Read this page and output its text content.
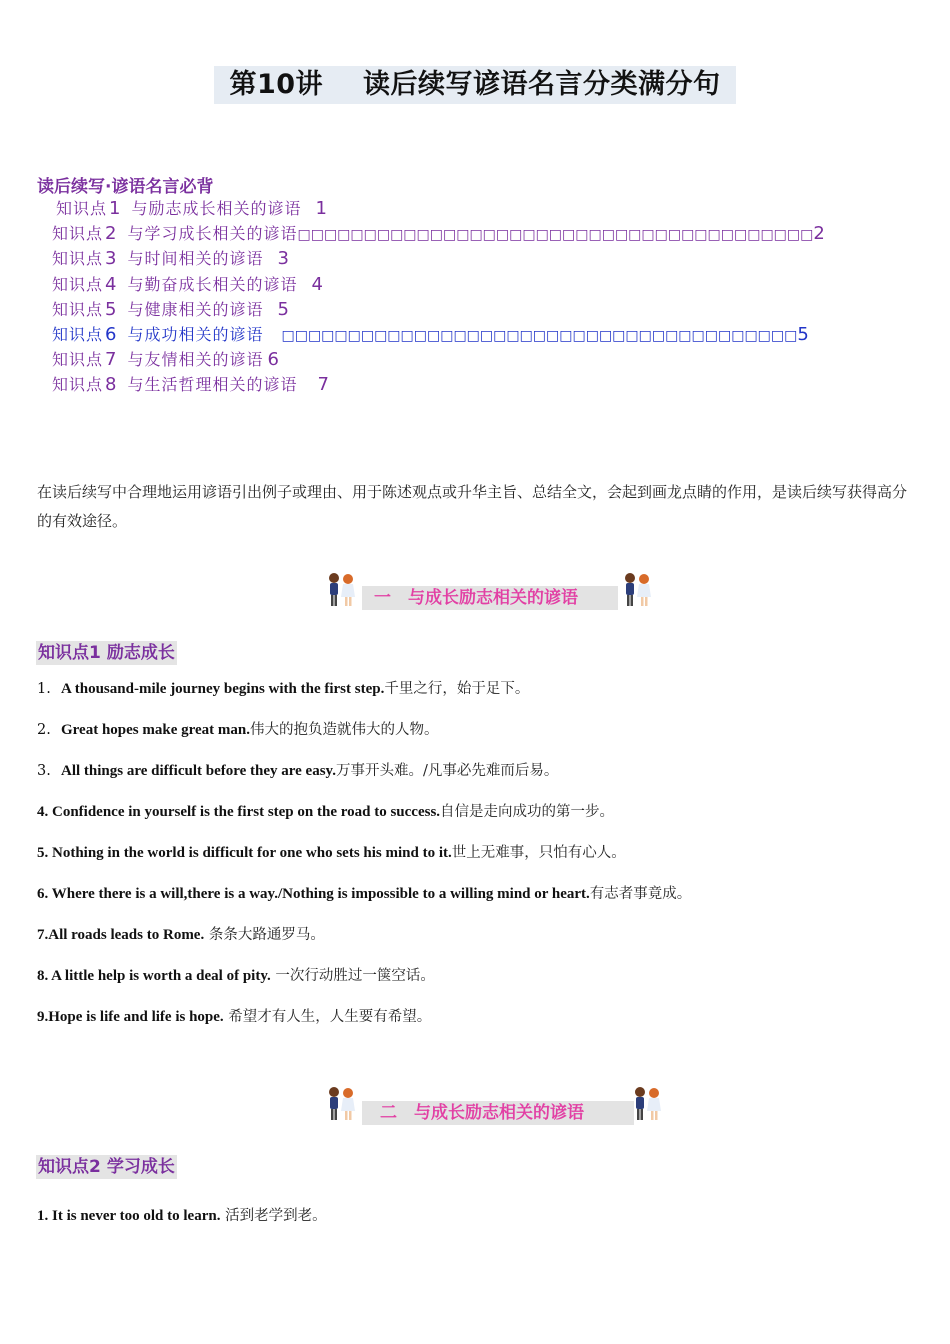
第10讲 读后续写谚语名言分类满分句
读后续写·谚语名言必背
知识点 1 与励志成长相关的谚语 1
知识点 2 与学习成长相关的谚语□□□□□□□□□□□□□□□□□□□□□□□□□□□□□□□□□□□□□□□2
知识点 3 与时间相关的谚语 3
知识点 4 与勤奋成长相关的谚语 4
知识点 5 与健康相关的谚语 5
知识点 6 与成功相关的谚语 □□□□□□□□□□□□□□□□□□□□□□□□□□□□□□□□□□□□□□□5
知识点 7 与友情相关的谚语 6
知识点 8 与生活哲理相关的谚语 7
在读后续写中合理地运用谚语引出例子或理由、用于陈述观点或升华主旨、总结全文，会起到画龙点睛的作用，是读后续写获得高分的有效途径。
一　与成长励志相关的谚语
知识点1 励志成长
1. A thousand-mile journey begins with the first step.千里之行，始于足下。
2. Great hopes make great man.伟大的抱负造就伟大的人物。
3. All things are difficult before they are easy.万事开头难。/凡事必先难而后易。
4. Confidence in yourself is the first step on the road to success.自信是走向成功的第一步。
5. Nothing in the world is difficult for one who sets his mind to it.世上无难事，只怕有心人。
6. Where there is a will,there is a way./Nothing is impossible to a willing mind or heart.有志者事竟成。
7.All roads leads to Rome. 条条大路通罗马。
8. A little help is worth a deal of pity. 一次行动胜过一箧空话。
9.Hope is life and life is hope. 希望才有人生，人生要有希望。
二　与成长励志相关的谚语
知识点2 学习成长
1. It is never too old to learn. 活到老学到老。
